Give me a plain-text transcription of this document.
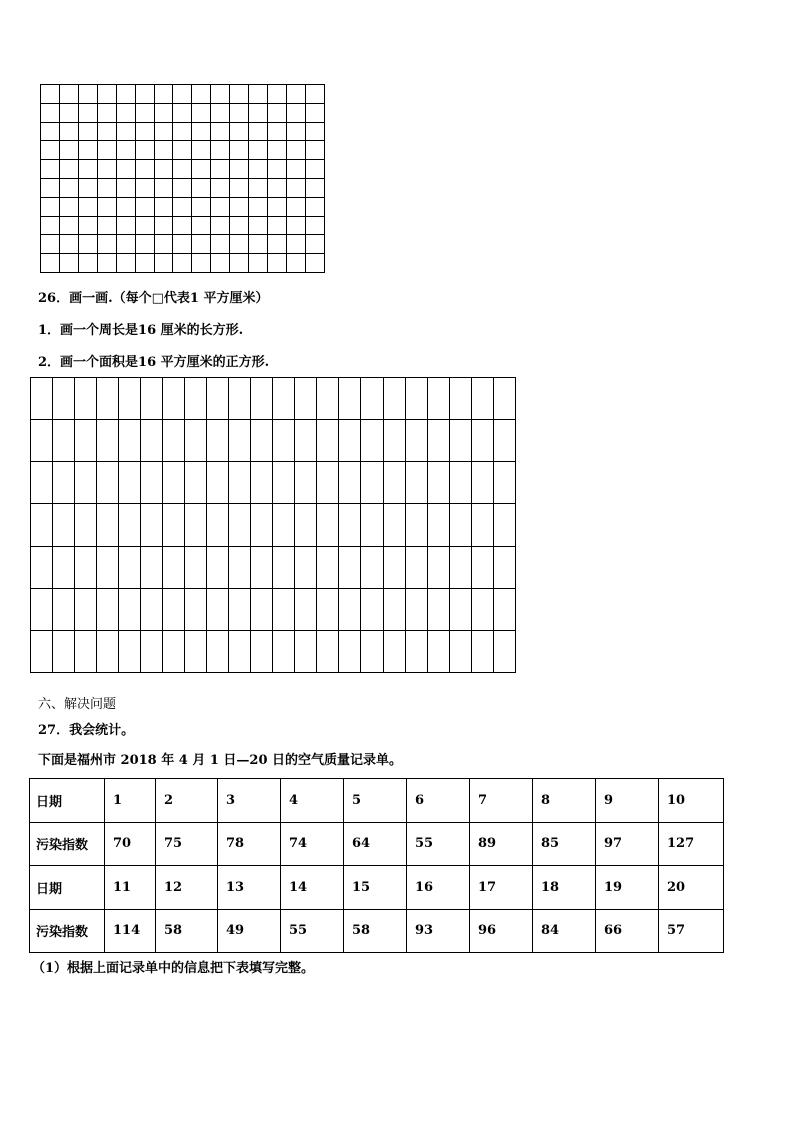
26．画一画.（每个□代表1 平方厘米）

1．画一个周长是16 厘米的长方形.

2．画一个面积是16 平方厘米的正方形.

六、解决问题

27．我会统计。

下面是福州市 2018 年 4 月 1 日—20 日的空气质量记录单。

日期	1	2	3	4	5	6	7	8	9	10
污染指数	70	75	78	74	64	55	89	85	97	127
日期	11	12	13	14	15	16	17	18	19	20
污染指数	114	58	49	55	58	93	96	84	66	57

（1）根据上面记录单中的信息把下表填写完整。
